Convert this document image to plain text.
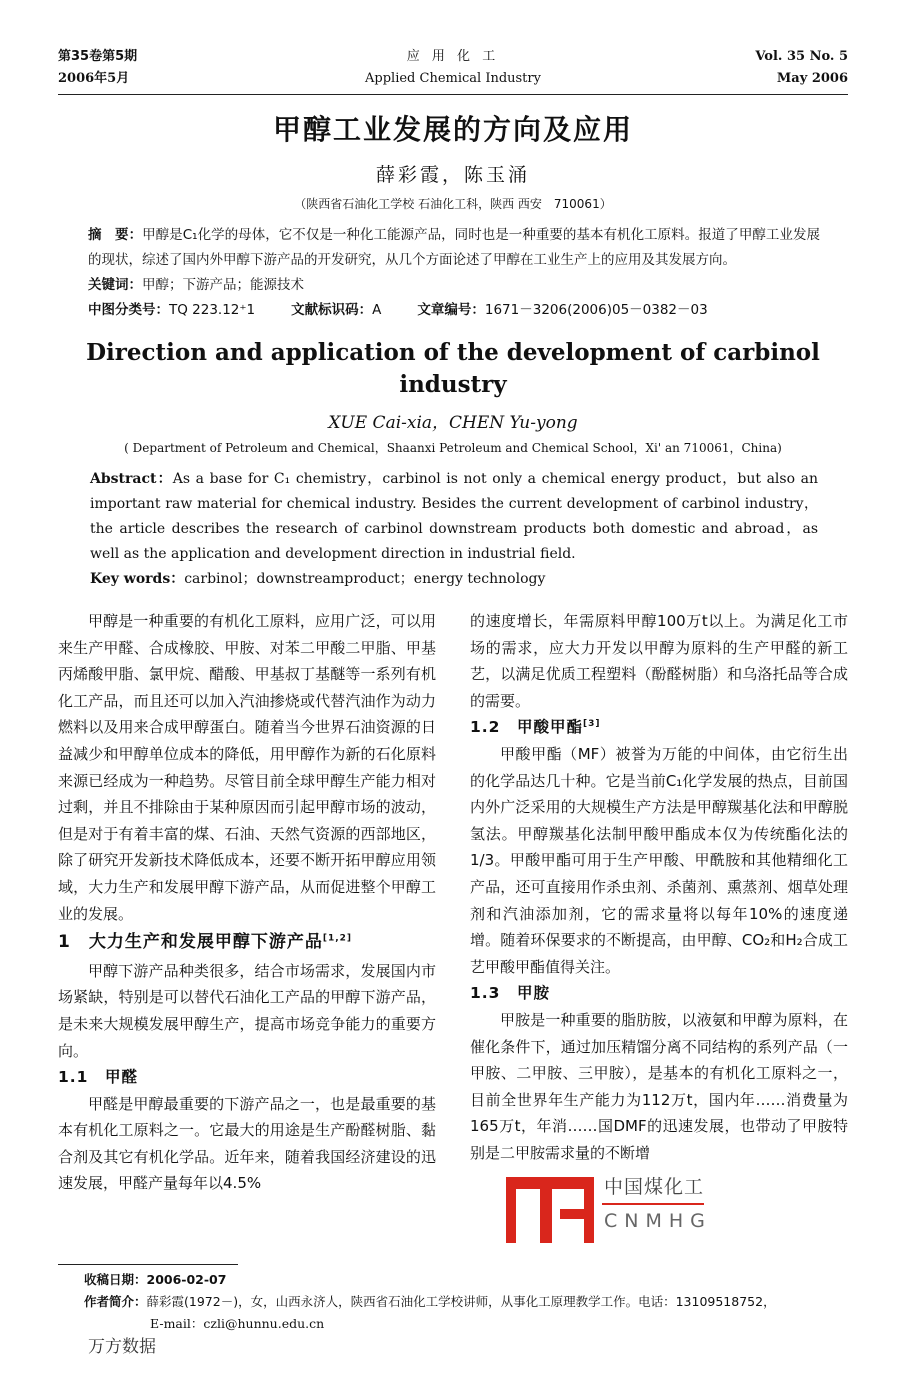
第35卷第5期	应 用 化 工	Vol. 35 No. 5
2006年5月	Applied Chemical Industry	May 2006
甲醇工业发展的方向及应用
薛彩霞，陈玉涌
（陕西省石油化工学校 石油化工科，陕西 西安　710061）
摘　要：甲醇是C₁化学的母体，它不仅是一种化工能源产品，同时也是一种重要的基本有机化工原料。报道了甲醇工业发展的现状，综述了国内外甲醇下游产品的开发研究，从几个方面论述了甲醇在工业生产上的应用及其发展方向。
关键词：甲醇；下游产品；能源技术
中图分类号：TQ 223.12⁺1	文献标识码：A	文章编号：1671－3206(2006)05－0382－03
Direction and application of the development of carbinol industry
XUE Cai-xia，CHEN Yu-yong
( Department of Petroleum and Chemical，Shaanxi Petroleum and Chemical School，Xi' an 710061，China)
Abstract：As a base for C₁ chemistry，carbinol is not only a chemical energy product，but also an important raw material for chemical industry. Besides the current development of carbinol industry，the article describes the research of carbinol downstream products both domestic and abroad，as well as the application and development direction in industrial field.
Key words：carbinol；downstreamproduct；energy technology

甲醇是一种重要的有机化工原料，应用广泛，可以用来生产甲醛、合成橡胶、甲胺、对苯二甲酸二甲脂、甲基丙烯酸甲脂、氯甲烷、醋酸、甲基叔丁基醚等一系列有机化工产品，而且还可以加入汽油掺烧或代替汽油作为动力燃料以及用来合成甲醇蛋白。随着当今世界石油资源的日益减少和甲醇单位成本的降低，用甲醇作为新的石化原料来源已经成为一种趋势。尽管目前全球甲醇生产能力相对过剩，并且不排除由于某种原因而引起甲醇市场的波动，但是对于有着丰富的煤、石油、天然气资源的西部地区，除了研究开发新技术降低成本，还要不断开拓甲醇应用领域，大力生产和发展甲醇下游产品，从而促进整个甲醇工业的发展。

1　大力生产和发展甲醇下游产品[1,2]

甲醇下游产品种类很多，结合市场需求，发展国内市场紧缺，特别是可以替代石油化工产品的甲醇下游产品，是未来大规模发展甲醇生产，提高市场竞争能力的重要方向。

1.1　甲醛

甲醛是甲醇最重要的下游产品之一，也是最重要的基本有机化工原料之一。它最大的用途是生产酚醛树脂、黏合剂及其它有机化学品。近年来，随着我国经济建设的迅速发展，甲醛产量每年以4.5%

的速度增长，年需原料甲醇100万t以上。为满足化工市场的需求，应大力开发以甲醇为原料的生产甲醛的新工艺，以满足优质工程塑料（酚醛树脂）和乌洛托品等合成的需要。

1.2　甲酸甲酯[3]

甲酸甲酯（MF）被誉为万能的中间体，由它衍生出的化学品达几十种。它是当前C₁化学发展的热点，目前国内外广泛采用的大规模生产方法是甲醇羰基化法和甲醇脱氢法。甲醇羰基化法制甲酸甲酯成本仅为传统酯化法的1/3。甲酸甲酯可用于生产甲酸、甲酰胺和其他精细化工产品，还可直接用作杀虫剂、杀菌剂、熏蒸剂、烟草处理剂和汽油添加剂，它的需求量将以每年10%的速度递增。随着环保要求的不断提高，由甲醇、CO₂和H₂合成工艺甲酸甲酯值得关注。

1.3　甲胺

甲胺是一种重要的脂肪胺，以液氨和甲醇为原料，在催化条件下，通过加压精馏分离不同结构的系列产品（一甲胺、二甲胺、三甲胺），是基本的有机化工原料之一，目前全世界年生产能力为112万t，国内年……消费量为165万t，年消……国DMF的迅速发展，也带动了甲胺特别是二甲胺需求量的不断增

中国煤化工
CNMHG
收稿日期：2006-02-07
作者简介：薛彩霞(1972－)，女，山西永济人，陕西省石油化工学校讲师，从事化工原理教学工作。电话：13109518752，
E-mail：czli@hunnu.edu.cn
万方数据
